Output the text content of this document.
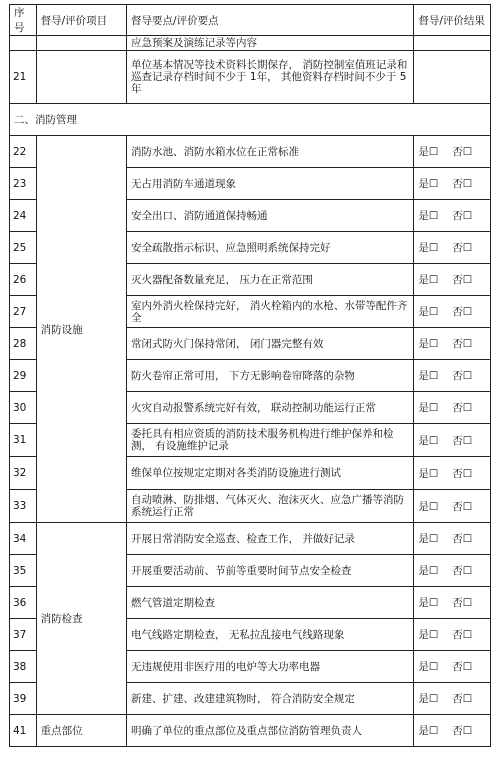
序号	督导/评价项目	督导要点/评价要点	督导/评价结果
		应急预案及演练记录等内容	
21		单位基本情况等技术资料长期保存， 消防控制室值班记录和巡查记录存档时间不少于 1年， 其他资料存档时间不少于 5 年	
二、消防管理			
22	消防设施	消防水池、消防水箱水位在正常标准	是☐ 否☐
23		无占用消防车通道现象	是☐ 否☐
24		安全出口、消防通道保持畅通	是☐ 否☐
25		安全疏散指示标识、应急照明系统保持完好	是☐ 否☐
26		灭火器配备数量充足， 压力在正常范围	是☐ 否☐
27		室内外消火栓保持完好， 消火栓箱内的水枪、水带等配件齐全	是☐ 否☐
28		常闭式防火门保持常闭， 闭门器完整有效	是☐ 否☐
29		防火卷帘正常可用， 下方无影响卷帘降落的杂物	是☐ 否☐
30		火灾自动报警系统完好有效， 联动控制功能运行正常	是☐ 否☐
31		委托具有相应资质的消防技术服务机构进行维护保养和检测， 有设施维护记录	是☐ 否☐
32		维保单位按规定定期对各类消防设施进行测试	是☐ 否☐
33		自动喷淋、防排烟、气体灭火、泡沫灭火、应急广播等消防系统运行正常	是☐ 否☐
34	消防检查	开展日常消防安全巡查、检查工作， 并做好记录	是☐ 否☐
35		开展重要活动前、节前等重要时间节点安全检查	是☐ 否☐
36		燃气管道定期检查	是☐ 否☐
37		电气线路定期检查， 无私拉乱接电气线路现象	是☐ 否☐
38		无违规使用非医疗用的电炉等大功率电器	是☐ 否☐
39		新建、扩建、改建建筑物时， 符合消防安全规定	是☐ 否☐
41	重点部位	明确了单位的重点部位及重点部位消防管理负责人	是☐ 否☐
